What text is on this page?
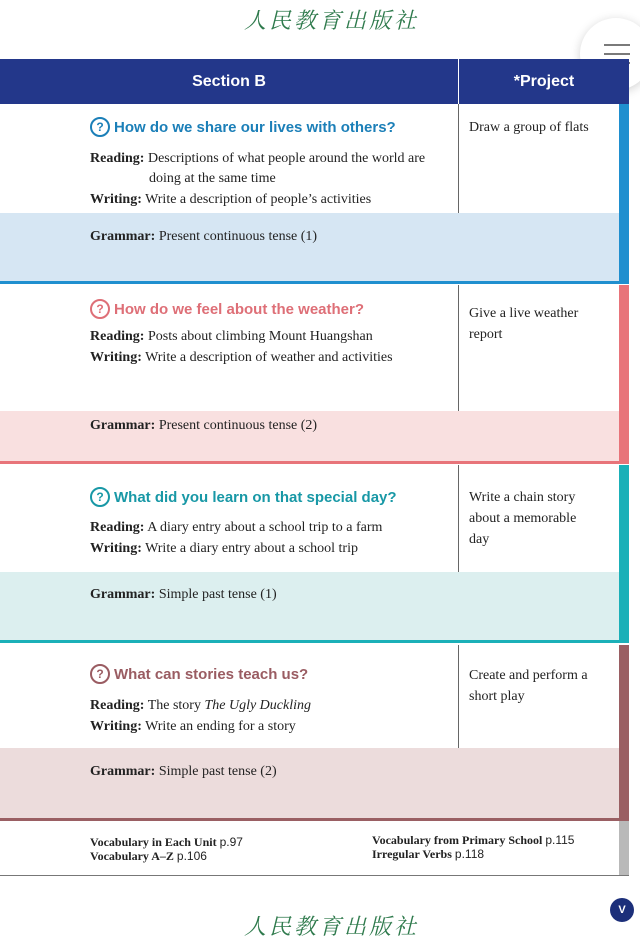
人民教育出版社
Section B	*Project
? How do we share our lives with others?
Reading: Descriptions of what people around the world are
doing at the same time
Writing: Write a description of people’s activities
Draw a group of flats
Grammar: Present continuous tense (1)
? How do we feel about the weather?
Reading: Posts about climbing Mount Huangshan
Writing: Write a description of weather and activities
Give a live weather report
Grammar: Present continuous tense (2)
? What did you learn on that special day?
Reading: A diary entry about a school trip to a farm
Writing: Write a diary entry about a school trip
Write a chain story about a memorable day
Grammar: Simple past tense (1)
? What can stories teach us?
Reading: The story The Ugly Duckling
Writing: Write an ending for a story
Create and perform a short play
Grammar: Simple past tense (2)
Vocabulary in Each Unit p.97
Vocabulary A–Z p.106
Vocabulary from Primary School p.115
Irregular Verbs p.118
人民教育出版社
V
